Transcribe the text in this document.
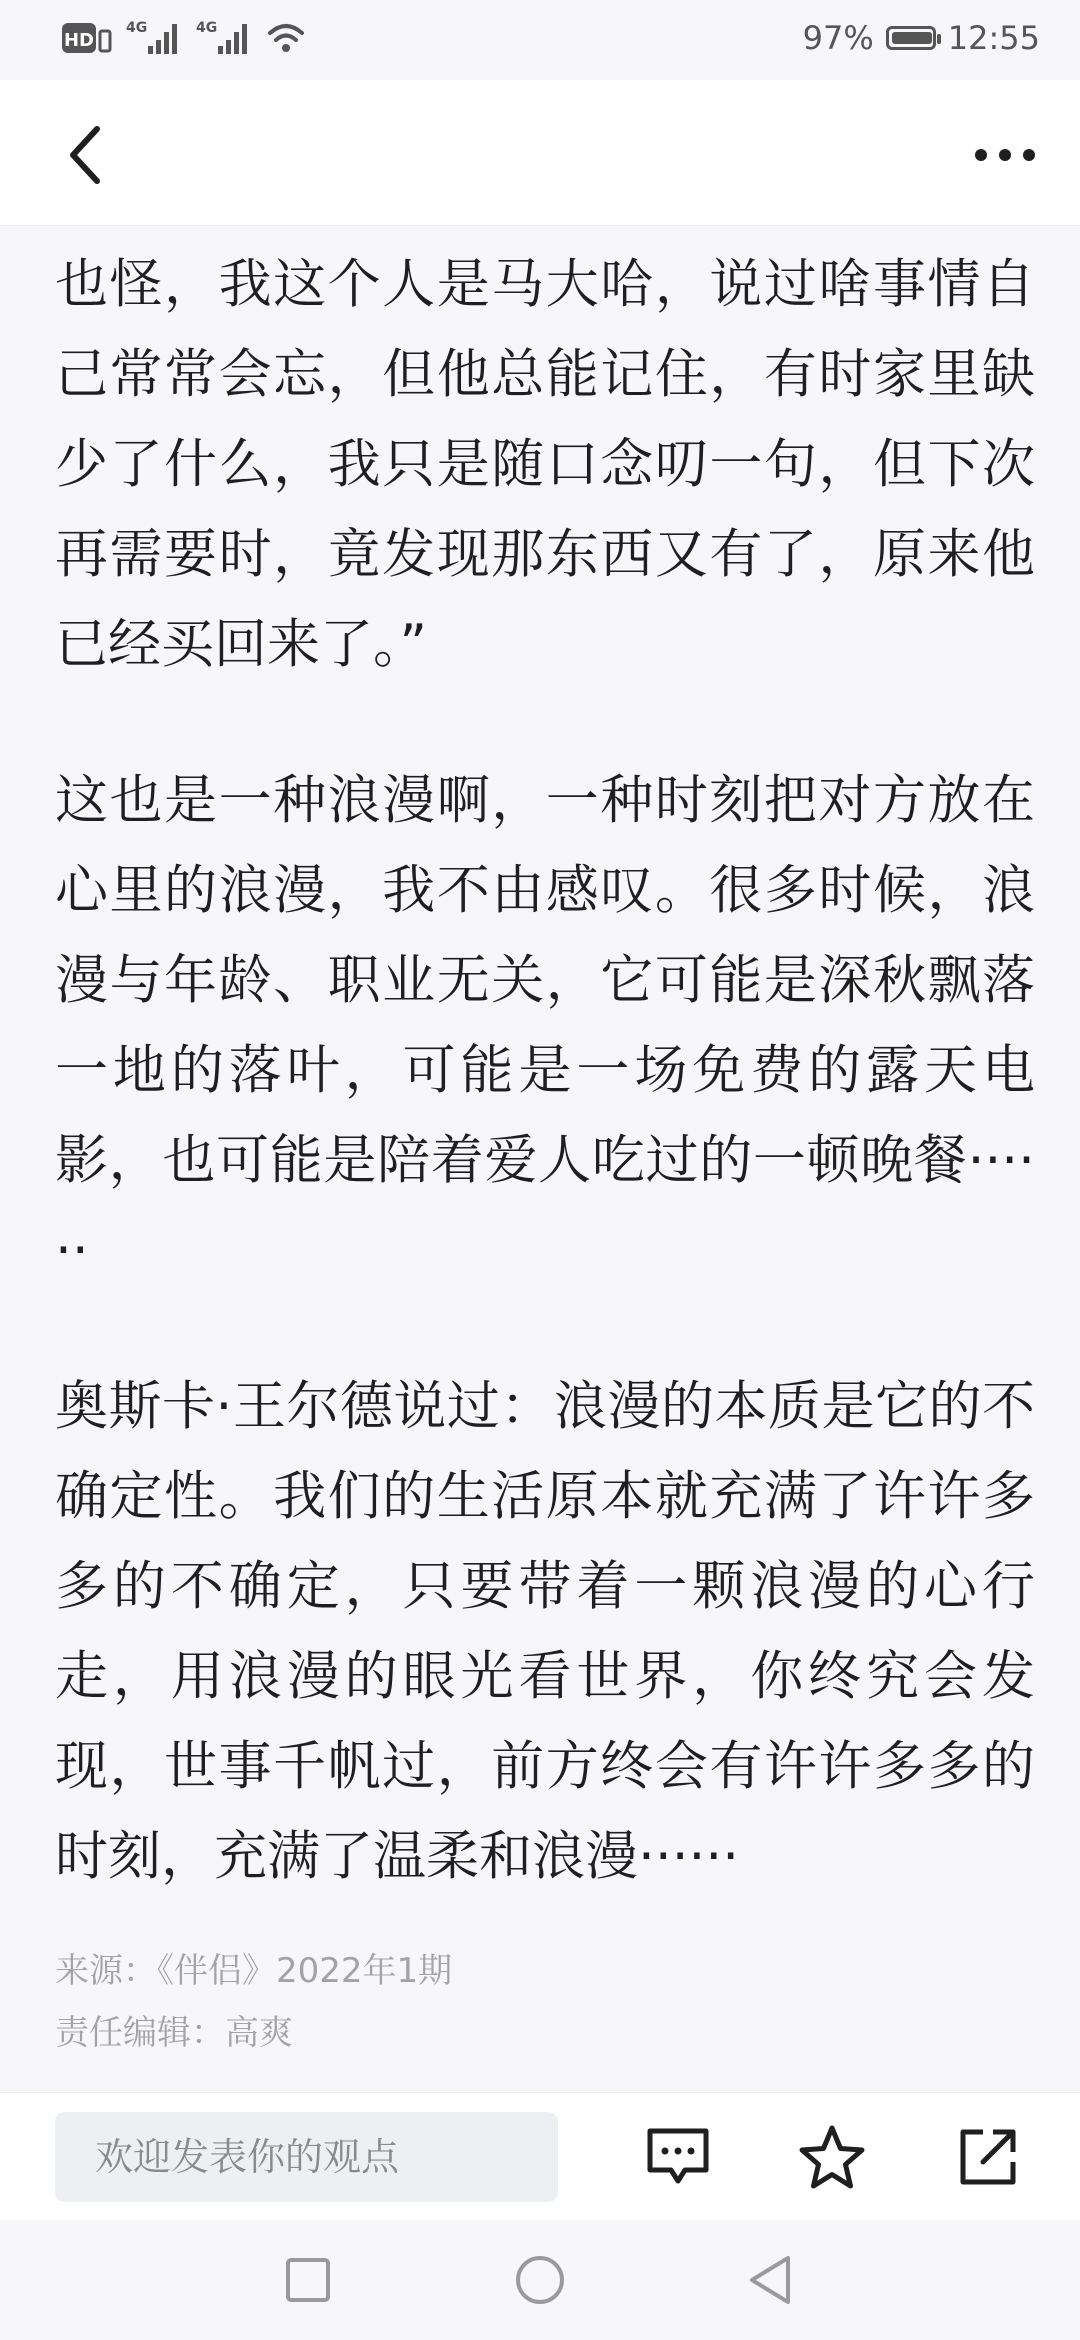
HD
4G	4G	97% 12:55

也怪，我这个人是马大哈，说过啥事情自己常常会忘，但他总能记住，有时家里缺少了什么，我只是随口念叨一句，但下次再需要时，竟发现那东西又有了，原来他已经买回来了。”

这也是一种浪漫啊，一种时刻把对方放在心里的浪漫，我不由感叹。很多时候，浪漫与年龄、职业无关，它可能是深秋飘落一地的落叶，可能是一场免费的露天电影，也可能是陪着爱人吃过的一顿晚餐······

奥斯卡·王尔德说过：浪漫的本质是它的不确定性。我们的生活原本就充满了许许多多的不确定，只要带着一颗浪漫的心行走，用浪漫的眼光看世界，你终究会发现，世事千帆过，前方终会有许许多多的时刻，充满了温柔和浪漫······

来源：《伴侣》2022年1期
责任编辑：高爽
欢迎发表你的观点
